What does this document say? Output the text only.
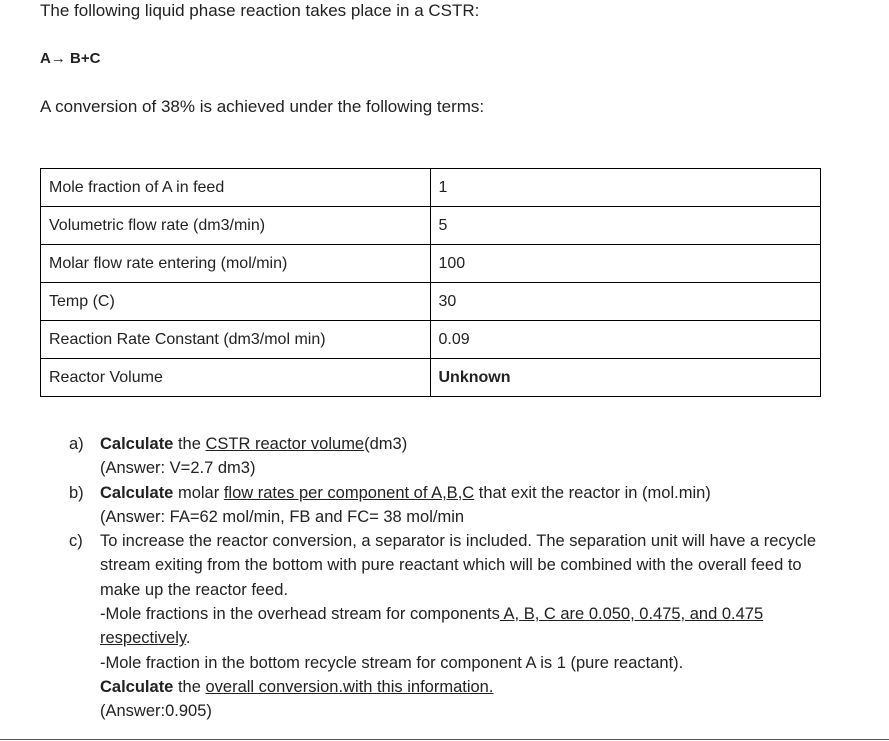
The following liquid phase reaction takes place in a CSTR:

A→ B+C

A conversion of 38% is achieved under the following terms:

Mole fraction of A in feed	1
Volumetric flow rate (dm3/min)	5
Molar flow rate entering (mol/min)	100
Temp (C)	30
Reaction Rate Constant (dm3/mol min)	0.09
Reactor Volume	Unknown
a) Calculate the CSTR reactor volume(dm3)

(Answer: V=2.7 dm3)

b) Calculate molar flow rates per component of A,B,C that exit the reactor in (mol.min)

(Answer: FA=62 mol/min, FB and FC= 38 mol/min

c) To increase the reactor conversion, a separator is included. The separation unit will have a recycle stream exiting from the bottom with pure reactant which will be combined with the overall feed to make up the reactor feed.

-Mole fractions in the overhead stream for components A, B, C are 0.050, 0.475, and 0.475 respectively.

-Mole fraction in the bottom recycle stream for component A is 1 (pure reactant).

Calculate the overall conversion.with this information.

(Answer:0.905)
